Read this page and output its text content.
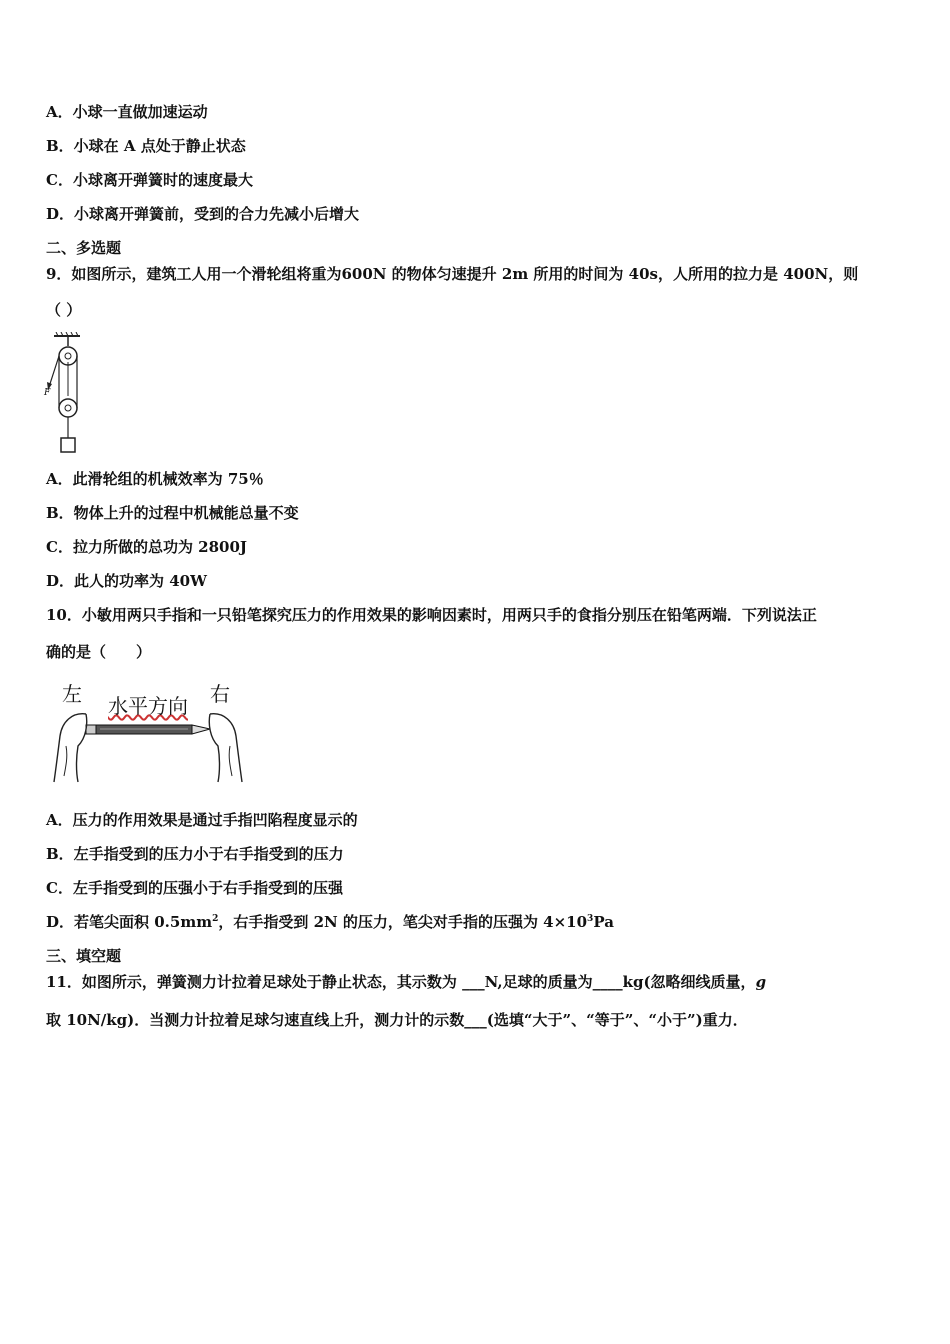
A．小球一直做加速运动
B．小球在 A 点处于静止状态
C．小球离开弹簧时的速度最大
D．小球离开弹簧前，受到的合力先减小后增大
二、多选题
9．如图所示，建筑工人用一个滑轮组将重为600N 的物体匀速提升 2m 所用的时间为 40s，人所用的拉力是 400N，则
（ ）
F
A．此滑轮组的机械效率为 75％
B．物体上升的过程中机械能总量不变
C．拉力所做的总功为 2800J
D．此人的功率为 40W
10．小敏用两只手指和一只铅笔探究压力的作用效果的影响因素时，用两只手的食指分别压在铅笔两端．下列说法正
确的是（　　）
左	右
水平方向
A．压力的作用效果是通过手指凹陷程度显示的
B．左手指受到的压力小于右手指受到的压力
C．左手指受到的压强小于右手指受到的压强
D．若笔尖面积 $0.5mm^2$，右手指受到 2N 的压力，笔尖对手指的压强为 $4\times 10^3Pa$
三、填空题
11．如图所示，弹簧测力计拉着足球处于静止状态，其示数为 ___N,足球的质量为____kg(忽略细线质量，g
取 10N/kg)．当测力计拉着足球匀速直线上升，测力计的示数___(选填“大于”、“等于”、“小于”)重力．
